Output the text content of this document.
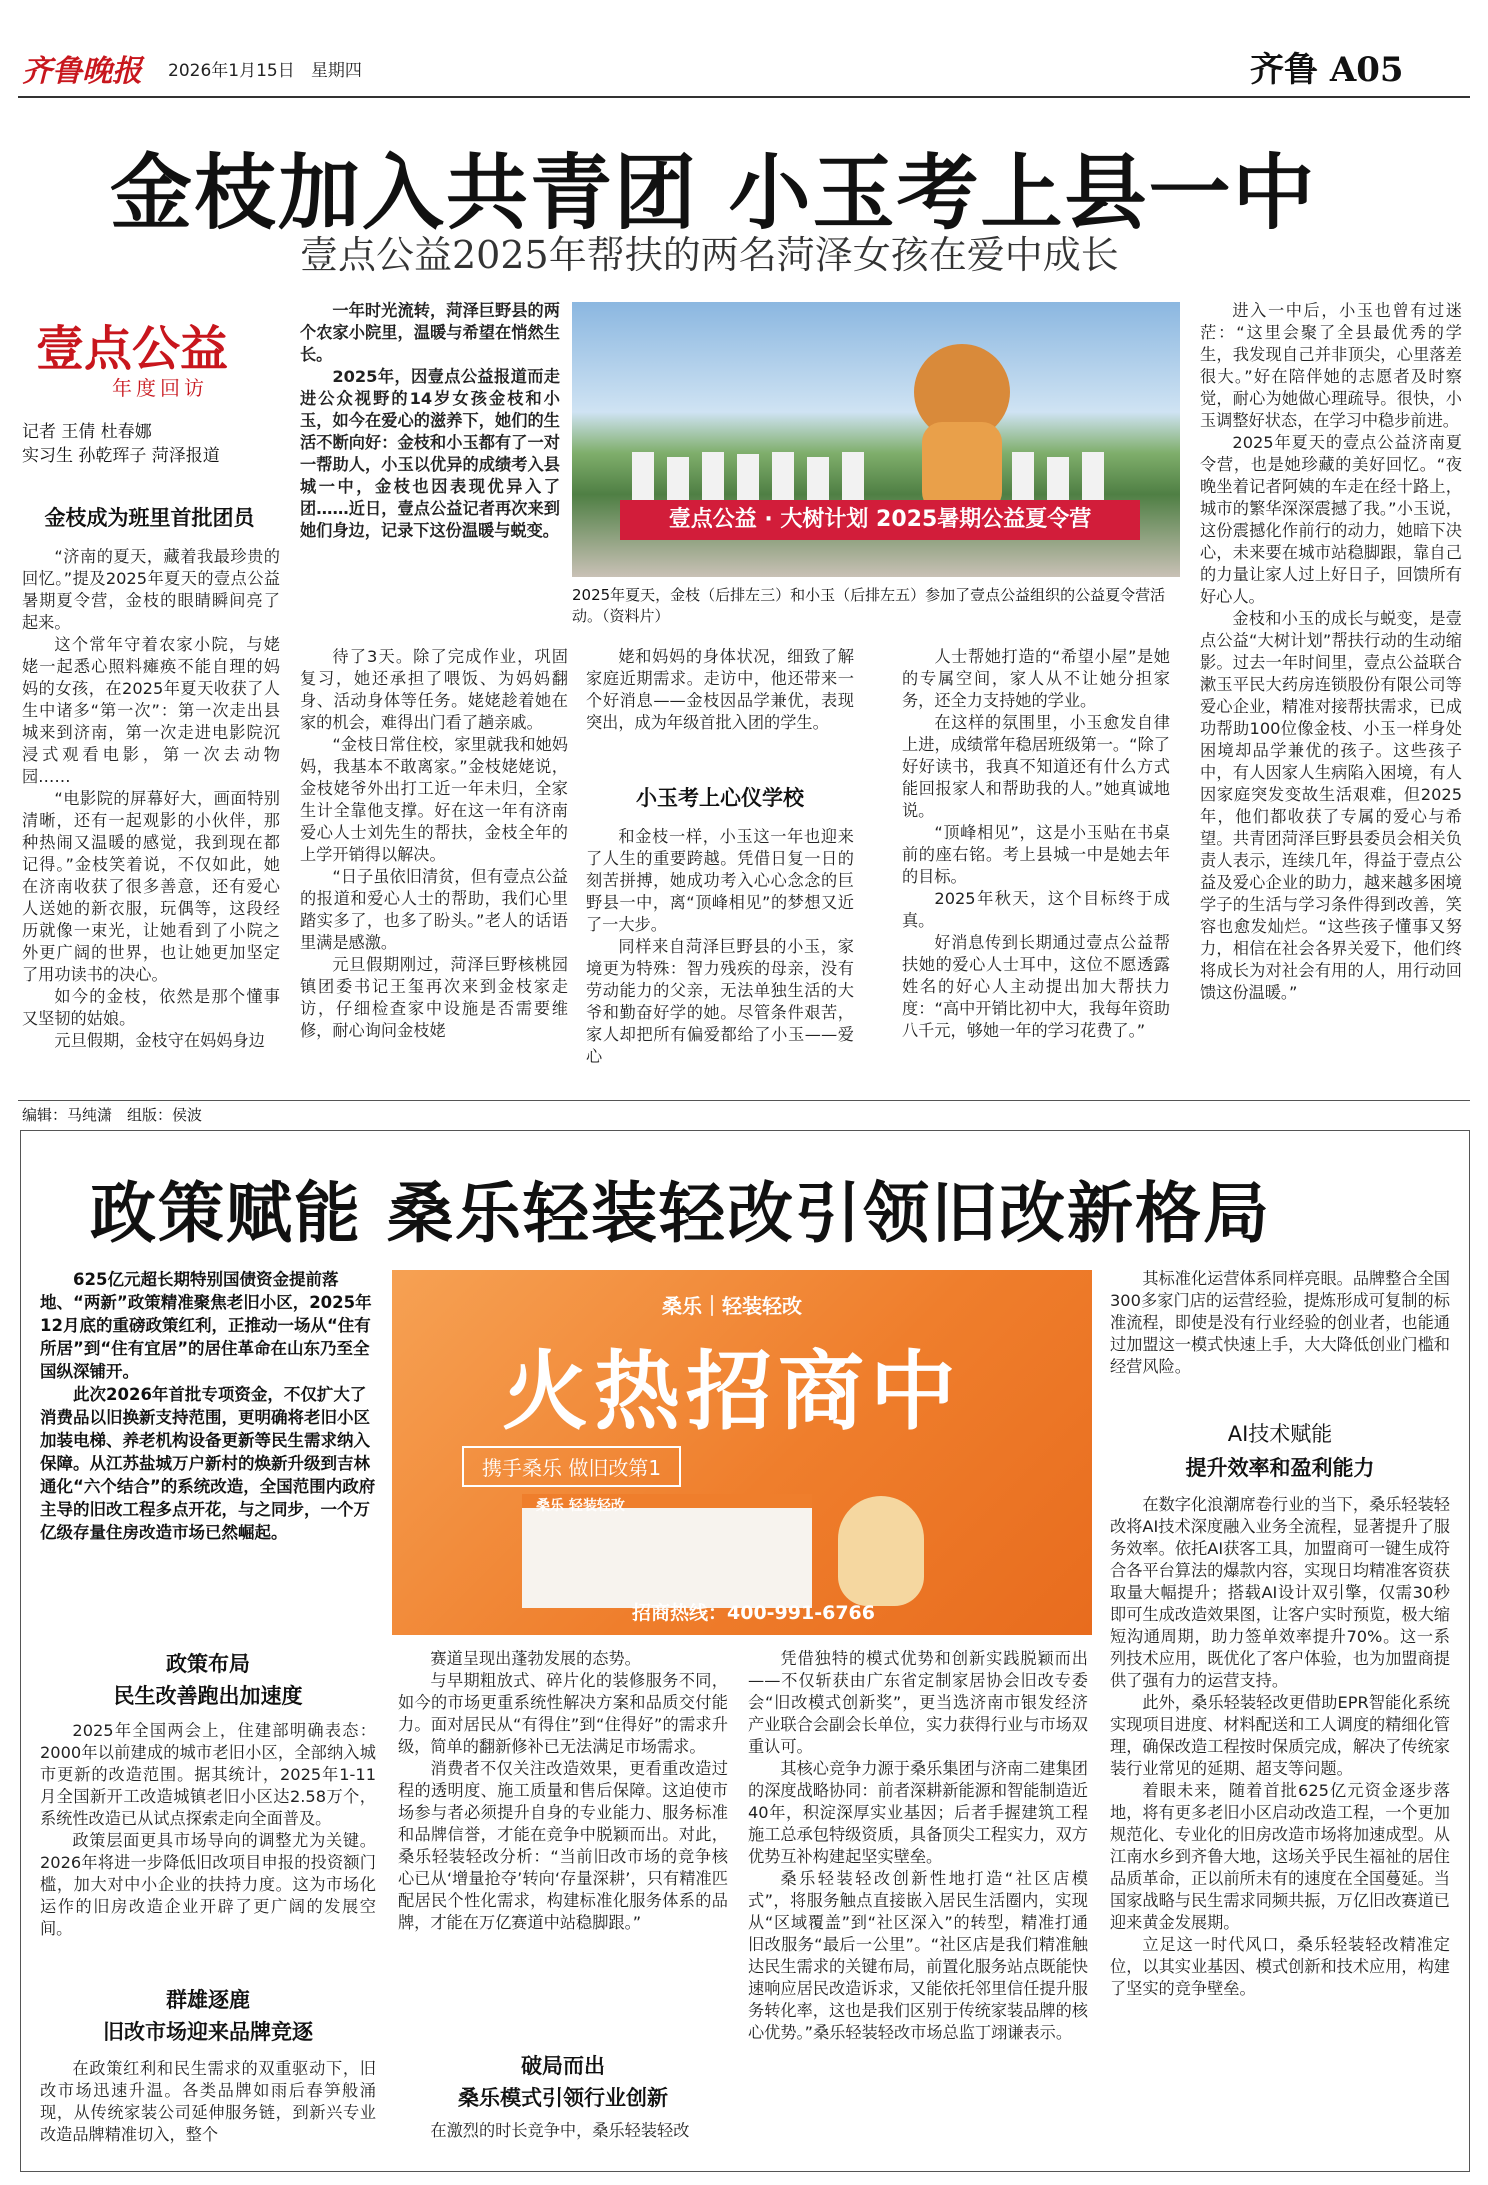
齐鲁晚报 2026年1月15日 星期四	齐鲁 A05
金枝加入共青团 小玉考上县一中
壹点公益2025年帮扶的两名菏泽女孩在爱中成长
壹点公益
年度回访
记者 王倩 杜春娜
实习生 孙乾珲子 菏泽报道
金枝成为班里首批团员

“济南的夏天，藏着我最珍贵的回忆。”提及2025年夏天的壹点公益暑期夏令营，金枝的眼睛瞬间亮了起来。

这个常年守着农家小院，与姥姥一起悉心照料瘫痪不能自理的妈妈的女孩，在2025年夏天收获了人生中诸多“第一次”：第一次走出县城来到济南，第一次走进电影院沉浸式观看电影，第一次去动物园……

“电影院的屏幕好大，画面特别清晰，还有一起观影的小伙伴，那种热闹又温暖的感觉，我到现在都记得。”金枝笑着说，不仅如此，她在济南收获了很多善意，还有爱心人送她的新衣服，玩偶等，这段经历就像一束光，让她看到了小院之外更广阔的世界，也让她更加坚定了用功读书的决心。

如今的金枝，依然是那个懂事又坚韧的姑娘。

元旦假期，金枝守在妈妈身边

一年时光流转，菏泽巨野县的两个农家小院里，温暖与希望在悄然生长。

2025年，因壹点公益报道而走进公众视野的14岁女孩金枝和小玉，如今在爱心的滋养下，她们的生活不断向好：金枝和小玉都有了一对一帮助人，小玉以优异的成绩考入县城一中，金枝也因表现优异入了团……近日，壹点公益记者再次来到她们身边，记录下这份温暖与蜕变。	壹点公益 · 大树计划 2025暑期公益夏令营
2025年夏天，金枝（后排左三）和小玉（后排左五）参加了壹点公益组织的公益夏令营活动。（资料片）

待了3天。除了完成作业，巩固复习，她还承担了喂饭、为妈妈翻身、活动身体等任务。姥姥趁着她在家的机会，难得出门看了趟亲戚。

“金枝日常住校，家里就我和她妈妈，我基本不敢离家。”金枝姥姥说，金枝姥爷外出打工近一年未归，全家生计全靠他支撑。好在这一年有济南爱心人士刘先生的帮扶，金枝全年的上学开销得以解决。

“日子虽依旧清贫，但有壹点公益的报道和爱心人士的帮助，我们心里踏实多了，也多了盼头。”老人的话语里满是感激。

元旦假期刚过，菏泽巨野核桃园镇团委书记王玺再次来到金枝家走访，仔细检查家中设施是否需要维修，耐心询问金枝姥

姥和妈妈的身体状况，细致了解家庭近期需求。走访中，他还带来一个好消息——金枝因品学兼优，表现突出，成为年级首批入团的学生。

小玉考上心仪学校

和金枝一样，小玉这一年也迎来了人生的重要跨越。凭借日复一日的刻苦拼搏，她成功考入心心念念的巨野县一中，离“顶峰相见”的梦想又近了一大步。

同样来自菏泽巨野县的小玉，家境更为特殊：智力残疾的母亲，没有劳动能力的父亲，无法单独生活的大爷和勤奋好学的她。尽管条件艰苦，家人却把所有偏爱都给了小玉——爱心

人士帮她打造的“希望小屋”是她的专属空间，家人从不让她分担家务，还全力支持她的学业。

在这样的氛围里，小玉愈发自律上进，成绩常年稳居班级第一。“除了好好读书，我真不知道还有什么方式能回报家人和帮助我的人。”她真诚地说。

“顶峰相见”，这是小玉贴在书桌前的座右铭。考上县城一中是她去年的目标。

2025年秋天，这个目标终于成真。

好消息传到长期通过壹点公益帮扶她的爱心人士耳中，这位不愿透露姓名的好心人主动提出加大帮扶力度：“高中开销比初中大，我每年资助八千元，够她一年的学习花费了。”

进入一中后，小玉也曾有过迷茫：“这里会聚了全县最优秀的学生，我发现自己并非顶尖，心里落差很大。”好在陪伴她的志愿者及时察觉，耐心为她做心理疏导。很快，小玉调整好状态，在学习中稳步前进。

2025年夏天的壹点公益济南夏令营，也是她珍藏的美好回忆。“夜晚坐着记者阿姨的车走在经十路上，城市的繁华深深震撼了我。”小玉说，这份震撼化作前行的动力，她暗下决心，未来要在城市站稳脚跟，靠自己的力量让家人过上好日子，回馈所有好心人。

金枝和小玉的成长与蜕变，是壹点公益“大树计划”帮扶行动的生动缩影。过去一年时间里，壹点公益联合漱玉平民大药房连锁股份有限公司等爱心企业，精准对接帮扶需求，已成功帮助100位像金枝、小玉一样身处困境却品学兼优的孩子。这些孩子中，有人因家人生病陷入困境，有人因家庭突发变故生活艰难，但2025年，他们都收获了专属的爱心与希望。共青团菏泽巨野县委员会相关负责人表示，连续几年，得益于壹点公益及爱心企业的助力，越来越多困境学子的生活与学习条件得到改善，笑容也愈发灿烂。“这些孩子懂事又努力，相信在社会各界关爱下，他们终将成长为对社会有用的人，用行动回馈这份温暖。”

编辑：马纯潇　组版：侯波
政策赋能 桑乐轻装轻改引领旧改新格局

625亿元超长期特别国债资金提前落地、“两新”政策精准聚焦老旧小区，2025年12月底的重磅政策红利，正推动一场从“住有所居”到“住有宜居”的居住革命在山东乃至全国纵深铺开。

此次2026年首批专项资金，不仅扩大了消费品以旧换新支持范围，更明确将老旧小区加装电梯、养老机构设备更新等民生需求纳入保障。从江苏盐城万户新村的焕新升级到吉林通化“六个结合”的系统改造，全国范围内政府主导的旧改工程多点开花，与之同步，一个万亿级存量住房改造市场已然崛起。

桑乐｜轻装轻改
火热招商中
携手桑乐 做旧改第1
桑乐 轻装轻改
招商热线：400-991-6766
政策布局
民生改善跑出加速度

2025年全国两会上，住建部明确表态：2000年以前建成的城市老旧小区，全部纳入城市更新的改造范围。据其统计，2025年1-11月全国新开工改造城镇老旧小区达2.58万个，系统性改造已从试点探索走向全面普及。

政策层面更具市场导向的调整尤为关键。2026年将进一步降低旧改项目申报的投资额门槛，加大对中小企业的扶持力度。这为市场化运作的旧房改造企业开辟了更广阔的发展空间。

群雄逐鹿
旧改市场迎来品牌竞逐

在政策红利和民生需求的双重驱动下，旧改市场迅速升温。各类品牌如雨后春笋般涌现，从传统家装公司延伸服务链，到新兴专业改造品牌精准切入，整个

赛道呈现出蓬勃发展的态势。

与早期粗放式、碎片化的装修服务不同，如今的市场更重系统性解决方案和品质交付能力。面对居民从“有得住”到“住得好”的需求升级，简单的翻新修补已无法满足市场需求。

消费者不仅关注改造效果，更看重改造过程的透明度、施工质量和售后保障。这迫使市场参与者必须提升自身的专业能力、服务标准和品牌信誉，才能在竞争中脱颖而出。对此，桑乐轻装轻改分析：“当前旧改市场的竞争核心已从‘增量抢夺’转向‘存量深耕’，只有精准匹配居民个性化需求，构建标准化服务体系的品牌，才能在万亿赛道中站稳脚跟。”

破局而出
桑乐模式引领行业创新

在激烈的时长竞争中，桑乐轻装轻改

凭借独特的模式优势和创新实践脱颖而出——不仅斩获由广东省定制家居协会旧改专委会“旧改模式创新奖”，更当选济南市银发经济产业联合会副会长单位，实力获得行业与市场双重认可。

其核心竞争力源于桑乐集团与济南二建集团的深度战略协同：前者深耕新能源和智能制造近40年，积淀深厚实业基因；后者手握建筑工程施工总承包特级资质，具备顶尖工程实力，双方优势互补构建起坚实壁垒。

桑乐轻装轻改创新性地打造“社区店模式”，将服务触点直接嵌入居民生活圈内，实现从“区域覆盖”到“社区深入”的转型，精准打通旧改服务“最后一公里”。“社区店是我们精准触达民生需求的关键布局，前置化服务站点既能快速响应居民改造诉求，又能依托邻里信任提升服务转化率，这也是我们区别于传统家装品牌的核心优势。”桑乐轻装轻改市场总监丁翊谦表示。

其标准化运营体系同样亮眼。品牌整合全国300多家门店的运营经验，提炼形成可复制的标准流程，即使是没有行业经验的创业者，也能通过加盟这一模式快速上手，大大降低创业门槛和经营风险。

AI技术赋能
提升效率和盈利能力

在数字化浪潮席卷行业的当下，桑乐轻装轻改将AI技术深度融入业务全流程，显著提升了服务效率。依托AI获客工具，加盟商可一键生成符合各平台算法的爆款内容，实现日均精准客资获取量大幅提升；搭载AI设计双引擎，仅需30秒即可生成改造效果图，让客户实时预览，极大缩短沟通周期，助力签单效率提升70%。这一系列技术应用，既优化了客户体验，也为加盟商提供了强有力的运营支持。

此外，桑乐轻装轻改更借助EPR智能化系统实现项目进度、材料配送和工人调度的精细化管理，确保改造工程按时保质完成，解决了传统家装行业常见的延期、超支等问题。

着眼未来，随着首批625亿元资金逐步落地，将有更多老旧小区启动改造工程，一个更加规范化、专业化的旧房改造市场将加速成型。从江南水乡到齐鲁大地，这场关乎民生福祉的居住品质革命，正以前所未有的速度在全国蔓延。当国家战略与民生需求同频共振，万亿旧改赛道已迎来黄金发展期。

立足这一时代风口，桑乐轻装轻改精准定位，以其实业基因、模式创新和技术应用，构建了坚实的竞争壁垒。
